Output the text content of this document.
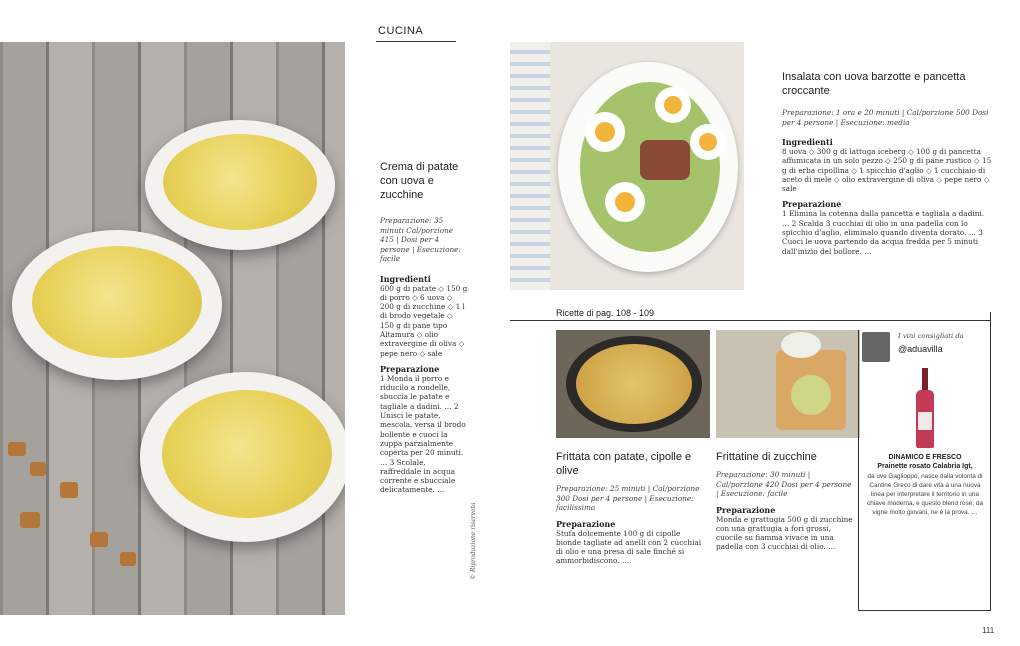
CUCINA
Crema di patate con uova e zucchine
Preparazione: 35 minuti Cal/porzione 415 | Dosi per 4 persone | Esecuzione: facile
Ingredienti
600 g di patate ◇ 150 g di porro ◇ 6 uova ◇ 200 g di zucchine ◇ 1 l di brodo vegetale ◇ 150 g di pane tipo Altamura ◇ olio extravergine di oliva ◇ pepe nero ◇ sale
Preparazione
1 Monda il porro e riducilo a rondelle, sbuccia le patate e tagliale a dadini. … 2 Unisci le patate, mescola, versa il brodo bollente e cuoci la zuppa parzialmente coperta per 20 minuti. … 3 Scolale, raffreddale in acqua corrente e sbucciale delicatamente. …
© Riproduzione riservata
Insalata con uova barzotte e pancetta croccante
Preparazione: 1 ora e 20 minuti | Cal/porzione 500 Dosi per 4 persone | Esecuzione: media
Ingredienti
8 uova ◇ 300 g di lattuga iceberg ◇ 100 g di pancetta affumicata in un solo pezzo ◇ 250 g di pane rustico ◇ 15 g di erba cipollina ◇ 1 spicchio d'aglio ◇ 1 cucchiaio di aceto di mele ◇ olio extravergine di oliva ◇ pepe nero ◇ sale
Preparazione
1 Elimina la cotenna dalla pancetta e tagliala a dadini. … 2 Scalda 3 cucchiai di olio in una padella con lo spicchio d'aglio, eliminalo quando diventa dorato. … 3 Cuoci le uova partendo da acqua fredda per 5 minuti dall'inizio del bollore. …
Ricette di pag. 108 - 109
Frittata con patate, cipolle e olive
Preparazione: 25 minuti | Cal/porzione 300 Dosi per 4 persone | Esecuzione: facilissima
Preparazione
Stufa dolcemente 100 g di cipolle bionde tagliate ad anelli con 2 cucchiai di olio e una presa di sale finché si ammorbidiscono. …
Frittatine di zucchine
Preparazione: 30 minuti | Cal/porzione 420 Dosi per 4 persone | Esecuzione: facile
Preparazione
Monda e grattugia 500 g di zucchine con una grattugia a fori grossi, cuocile su fiamma vivace in una padella con 3 cucchiai di olio. …
I vini consigliati da
@aduavilla
DINAMICO E FRESCO
Prainette rosato Calabria Igt,
da uve Gaglioppo, nasce dalla volontà di Cantine Greco di dare vita a una nuova linea per interpretare il territorio in una chiave moderna, e questo blend rosé, da vigne molto giovani, ne è la prova. …
111
